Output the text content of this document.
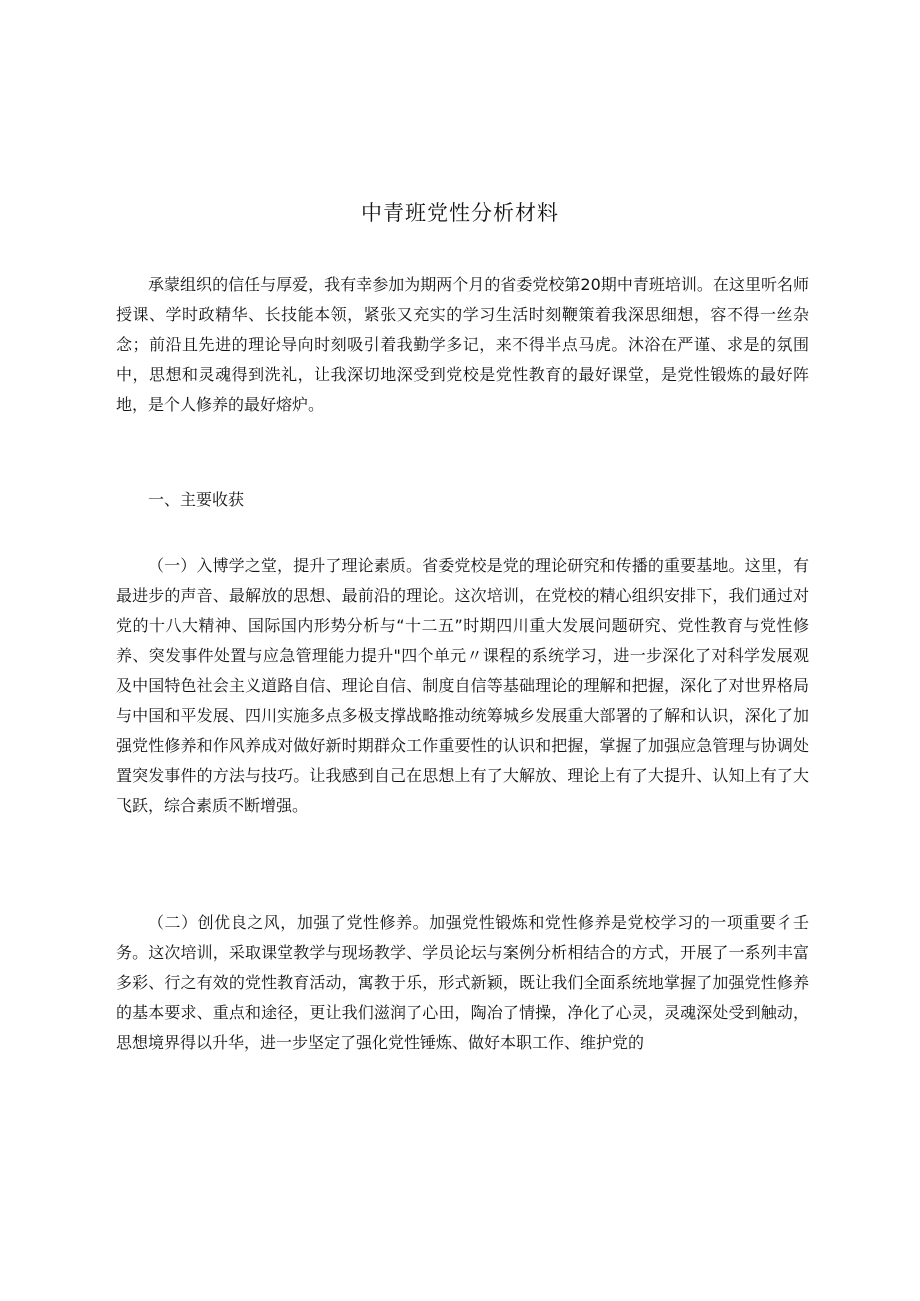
中青班党性分析材料

承蒙组织的信任与厚爱，我有幸参加为期两个月的省委党校第20期中青班培训。在这里听名师授课、学时政精华、长技能本领，紧张又充实的学习生活时刻鞭策着我深思细想，容不得一丝杂念；前沿且先进的理论导向时刻吸引着我勤学多记，来不得半点马虎。沐浴在严谨、求是的氛围中，思想和灵魂得到洗礼，让我深切地深受到党校是党性教育的最好课堂，是党性锻炼的最好阵地，是个人修养的最好熔炉。

一、主要收获

（一）入博学之堂，提升了理论素质。省委党校是党的理论研究和传播的重要基地。这里，有最进步的声音、最解放的思想、最前沿的理论。这次培训，在党校的精心组织安排下，我们通过对党的十八大精神、国际国内形势分析与“十二五”时期四川重大发展问题研究、党性教育与党性修养、突发事件处置与应急管理能力提升"四个单元〃课程的系统学习，进一步深化了对科学发展观及中国特色社会主义道路自信、理论自信、制度自信等基础理论的理解和把握，深化了对世界格局与中国和平发展、四川实施多点多极支撑战略推动统筹城乡发展重大部署的了解和认识，深化了加强党性修养和作风养成对做好新时期群众工作重要性的认识和把握，掌握了加强应急管理与协调处置突发事件的方法与技巧。让我感到自己在思想上有了大解放、理论上有了大提升、认知上有了大飞跃，综合素质不断增强。

（二）创优良之风，加强了党性修养。加强党性锻炼和党性修养是党校学习的一项重要彳壬务。这次培训，采取课堂教学与现场教学、学员论坛与案例分析相结合的方式，开展了一系列丰富多彩、行之有效的党性教育活动，寓教于乐，形式新颖，既让我们全面系统地掌握了加强党性修养的基本要求、重点和途径，更让我们滋润了心田，陶冶了情操，净化了心灵，灵魂深处受到触动，思想境界得以升华，进一步坚定了强化党性锤炼、做好本职工作、维护党的
